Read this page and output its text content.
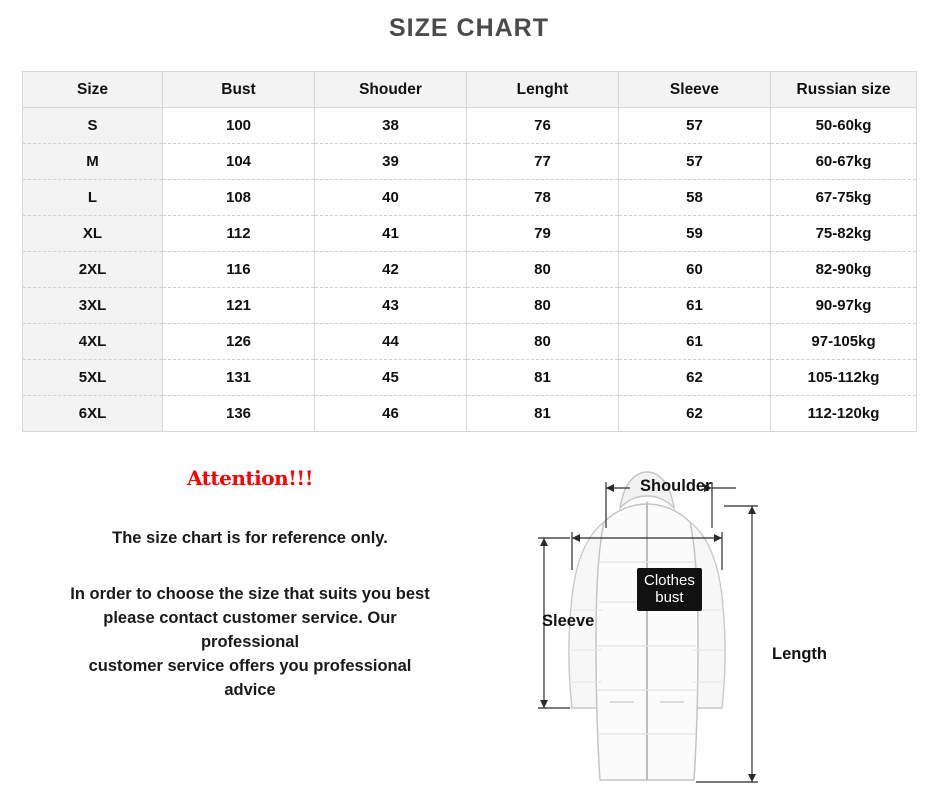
SIZE CHART
Size	Bust	Shouder	Lenght	Sleeve	Russian size
S	100	38	76	57	50-60kg
M	104	39	77	57	60-67kg
L	108	40	78	58	67-75kg
XL	112	41	79	59	75-82kg
2XL	116	42	80	60	82-90kg
3XL	121	43	80	61	90-97kg
4XL	126	44	80	61	97-105kg
5XL	131	45	81	62	105-112kg
6XL	136	46	81	62	112-120kg
Attention!!!
The size chart is for reference only.
In order to choose the size that suits you best
please contact customer service. Our
professional
customer service offers you professional
advice
Shoulder
Sleeve
Length
Clothes
bust
